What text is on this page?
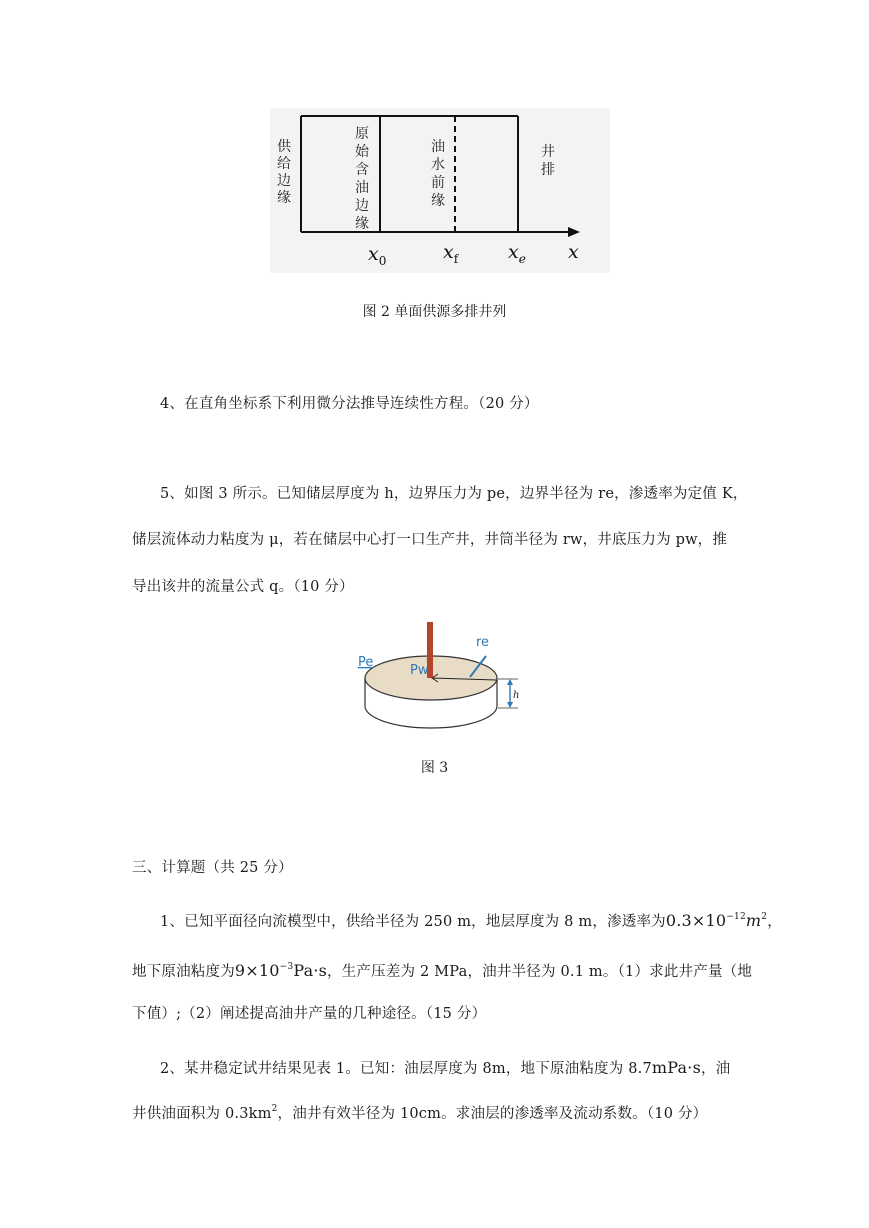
供
给
边
缘
原
始
含
油
边
缘
油
水
前
缘
井
排
$x_0$	$x_f$	$x_e$ x
图 2 单面供源多排井列
4、在直角坐标系下利用微分法推导连续性方程。（20 分）
5、如图 3 所示。已知储层厚度为 h，边界压力为 pe，边界半径为 re，渗透率为定值 K，
储层流体动力粘度为 μ，若在储层中心打一口生产井，井筒半径为 rw，井底压力为 pw，推
导出该井的流量公式 q。（10 分）
Pe
Pw
re
h
图 3
三、计算题（共 25 分）
1、已知平面径向流模型中，供给半径为 250 m，地层厚度为 8 m，渗透率为$0.3\times 10^{-12}m^2$，
地下原油粘度为$9\times 10^{-3}Pa\cdot s$，生产压差为 2 MPa，油井半径为 0.1 m。（1）求此井产量（地
下值）;（2）阐述提高油井产量的几种途径。（15 分）
2、某井稳定试井结果见表 1。已知：油层厚度为 8m，地下原油粘度为 8.7mPa·s，油
井供油面积为 $0.3km^2$，油井有效半径为 10cm。求油层的渗透率及流动系数。（10 分）
